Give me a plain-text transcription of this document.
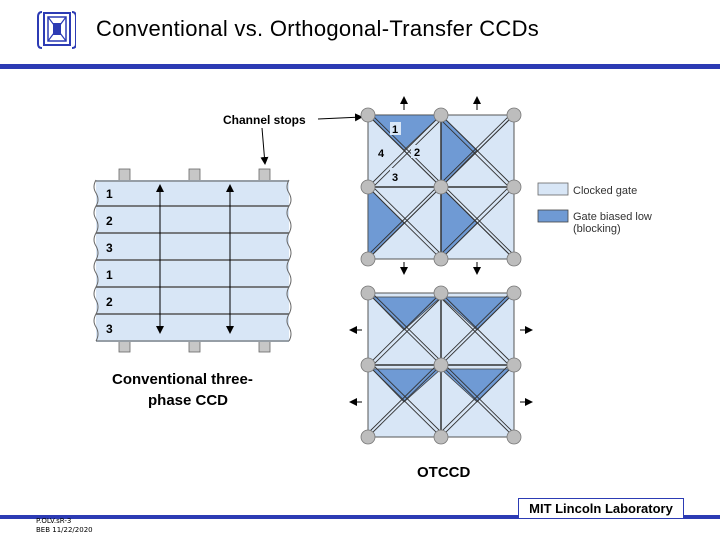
Conventional vs. Orthogonal-Transfer CCDs
1
2
3
1
2
3
Conventional three-
phase CCD
Channel stops
1
2
3
4
Clocked gate
Gate biased low
(blocking)
OTCCD
P.OLV.sR-3
BEB 11/22/2020
MIT Lincoln Laboratory
